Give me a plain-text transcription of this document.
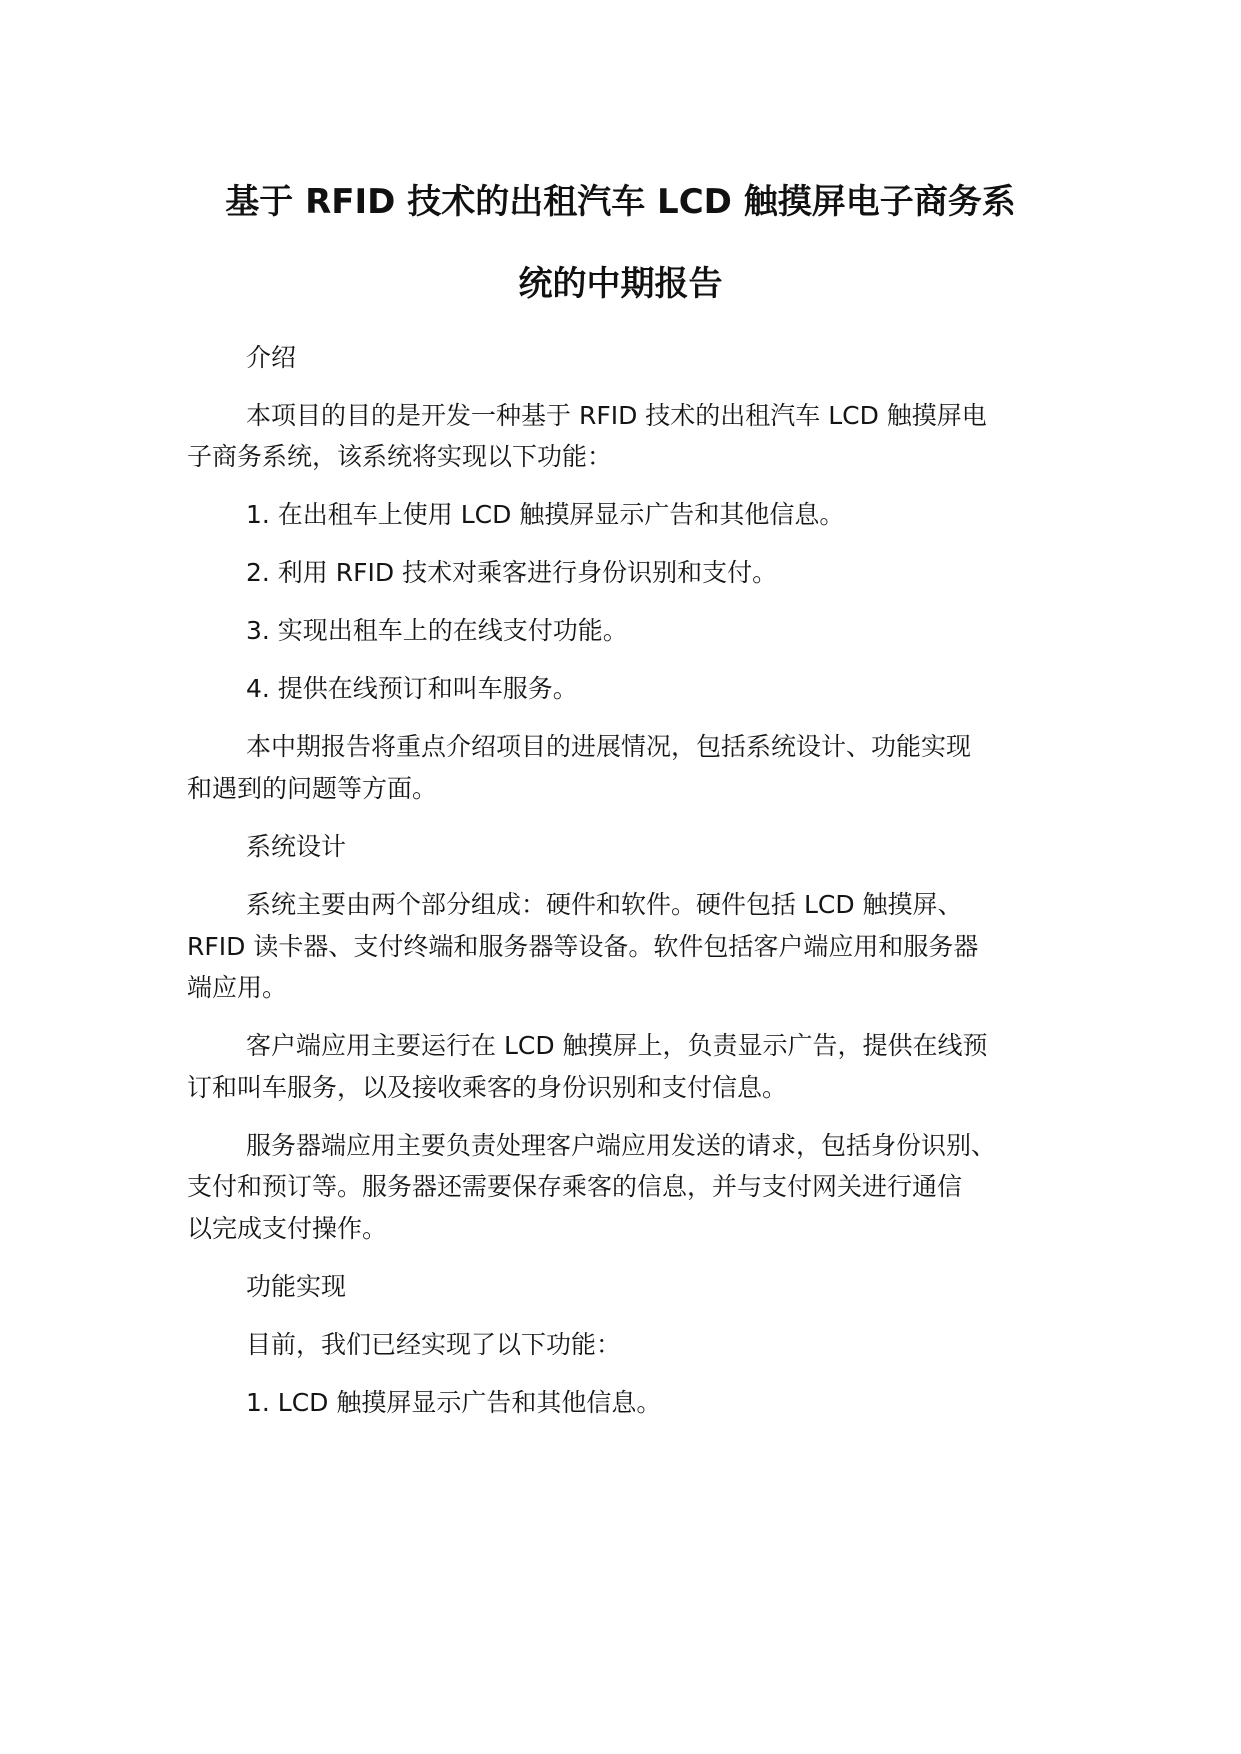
基于 RFID 技术的出租汽车 LCD 触摸屏电子商务系
统的中期报告
介绍
本项目的目的是开发一种基于 RFID 技术的出租汽车 LCD 触摸屏电
子商务系统，该系统将实现以下功能：
1. 在出租车上使用 LCD 触摸屏显示广告和其他信息。
2. 利用 RFID 技术对乘客进行身份识别和支付。
3. 实现出租车上的在线支付功能。
4. 提供在线预订和叫车服务。
本中期报告将重点介绍项目的进展情况，包括系统设计、功能实现
和遇到的问题等方面。
系统设计
系统主要由两个部分组成：硬件和软件。硬件包括 LCD 触摸屏、
RFID 读卡器、支付终端和服务器等设备。软件包括客户端应用和服务器
端应用。
客户端应用主要运行在 LCD 触摸屏上，负责显示广告，提供在线预
订和叫车服务，以及接收乘客的身份识别和支付信息。
服务器端应用主要负责处理客户端应用发送的请求，包括身份识别、
支付和预订等。服务器还需要保存乘客的信息，并与支付网关进行通信
以完成支付操作。
功能实现
目前，我们已经实现了以下功能：
1. LCD 触摸屏显示广告和其他信息。
